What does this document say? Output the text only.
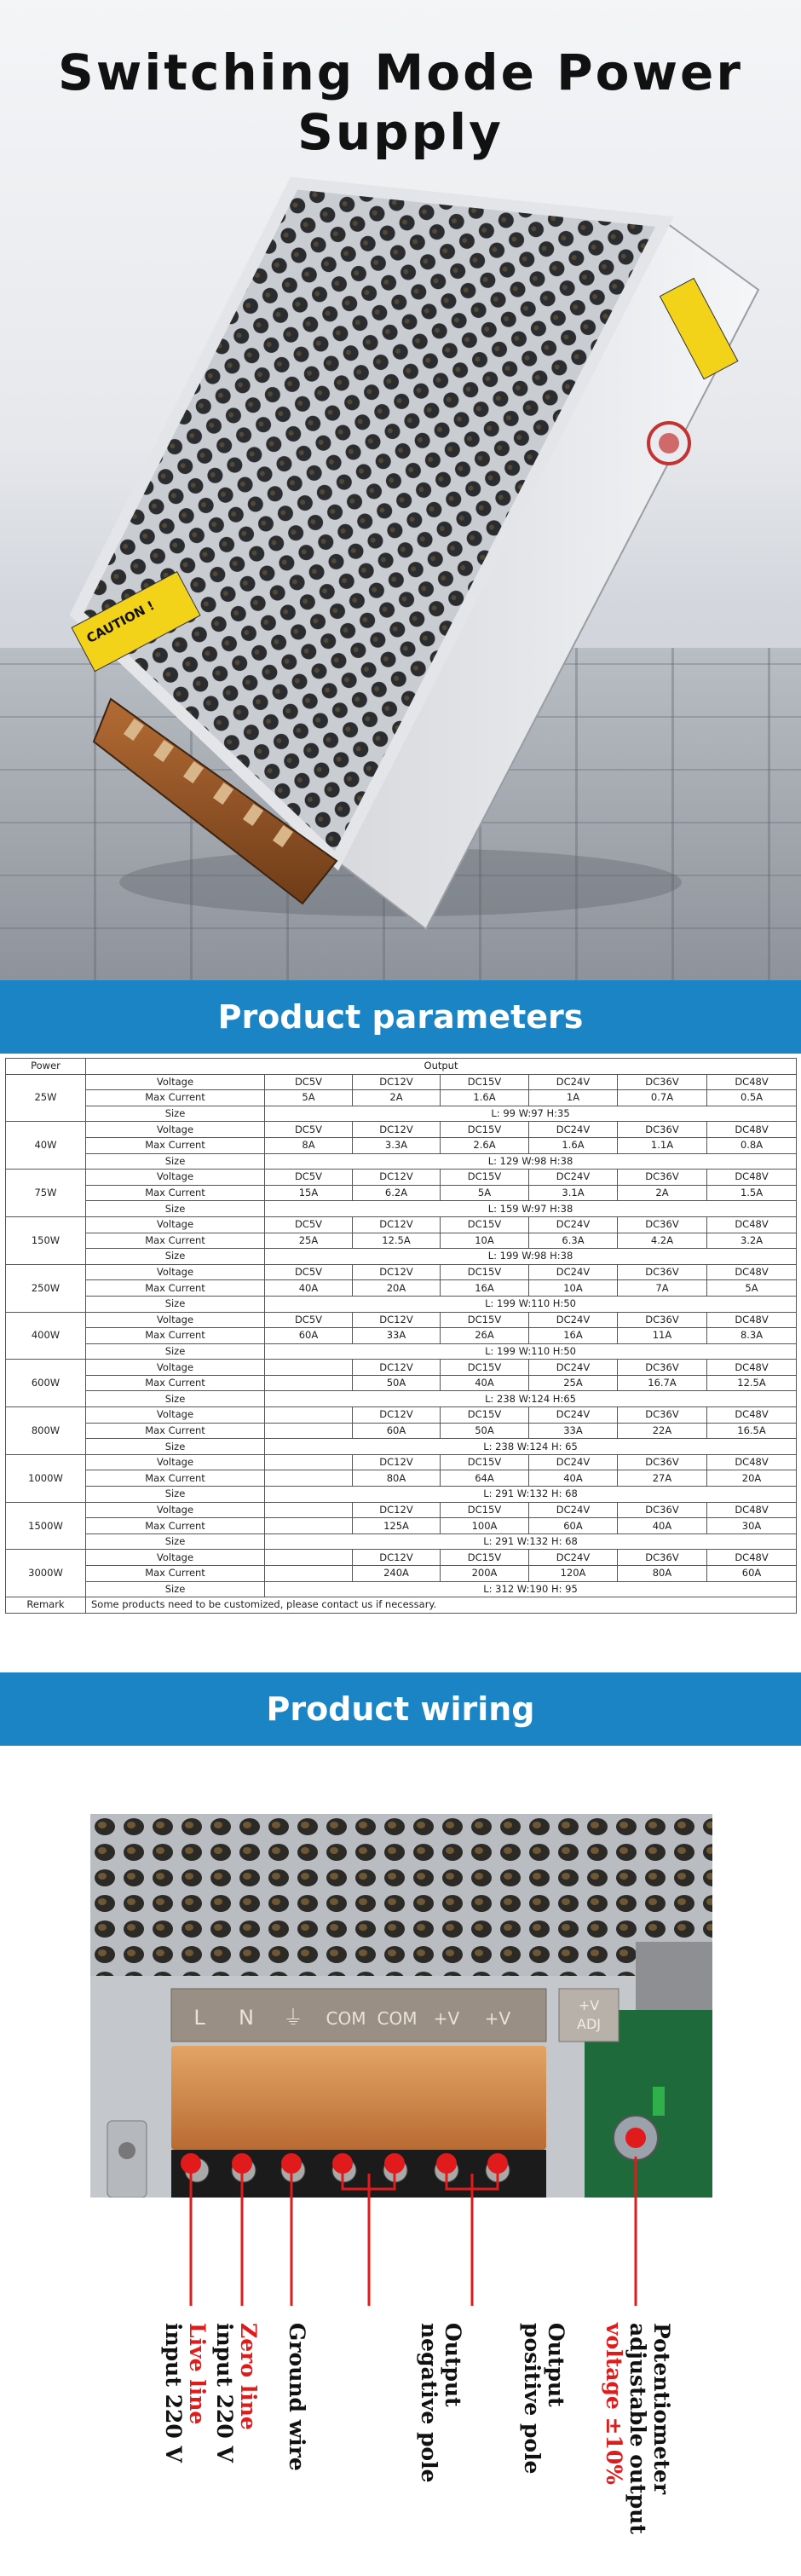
CAUTION !
Switching Mode Power Supply
Product parameters
Power	Output						
25W	Voltage	DC5V	DC12V	DC15V	DC24V	DC36V	DC48V
	Max Current	5A	2A	1.6A	1A	0.7A	0.5A
	Size	L: 99 W:97 H:35					
40W	Voltage	DC5V	DC12V	DC15V	DC24V	DC36V	DC48V
	Max Current	8A	3.3A	2.6A	1.6A	1.1A	0.8A
	Size	L: 129 W:98 H:38					
75W	Voltage	DC5V	DC12V	DC15V	DC24V	DC36V	DC48V
	Max Current	15A	6.2A	5A	3.1A	2A	1.5A
	Size	L: 159 W:97 H:38					
150W	Voltage	DC5V	DC12V	DC15V	DC24V	DC36V	DC48V
	Max Current	25A	12.5A	10A	6.3A	4.2A	3.2A
	Size	L: 199 W:98 H:38					
250W	Voltage	DC5V	DC12V	DC15V	DC24V	DC36V	DC48V
	Max Current	40A	20A	16A	10A	7A	5A
	Size	L: 199 W:110 H:50					
400W	Voltage	DC5V	DC12V	DC15V	DC24V	DC36V	DC48V
	Max Current	60A	33A	26A	16A	11A	8.3A
	Size	L: 199 W:110 H:50					
600W	Voltage		DC12V	DC15V	DC24V	DC36V	DC48V
	Max Current		50A	40A	25A	16.7A	12.5A
	Size	L: 238 W:124 H:65					
800W	Voltage		DC12V	DC15V	DC24V	DC36V	DC48V
	Max Current		60A	50A	33A	22A	16.5A
	Size	L: 238 W:124 H: 65					
1000W	Voltage		DC12V	DC15V	DC24V	DC36V	DC48V
	Max Current		80A	64A	40A	27A	20A
	Size	L: 291 W:132 H: 68					
1500W	Voltage		DC12V	DC15V	DC24V	DC36V	DC48V
	Max Current		125A	100A	60A	40A	30A
	Size	L: 291 W:132 H: 68					
3000W	Voltage		DC12V	DC15V	DC24V	DC36V	DC48V
	Max Current		240A	200A	120A	80A	60A
	Size	L: 312 W:190 H: 95					
Remark	Some products need to be customized, please contact us if necessary.						
Product wiring
L N ⏚ COM COM +V +V
+V
ADJ
Live line
input 220 V Zero line
input 220 V Ground wire	Output
negative pole	Output
positive pole	Potentiometer
adjustable output
voltage ±10%
